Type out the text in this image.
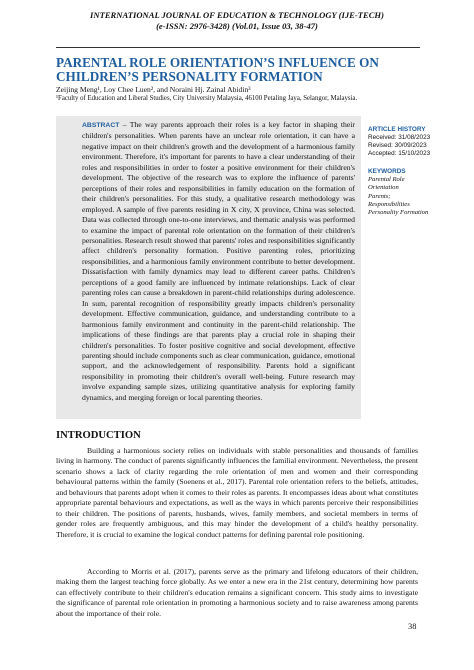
INTERNATIONAL JOURNAL OF EDUCATION & TECHNOLOGY (IJE-TECH)
(e-ISSN: 2976-3428) (Vol.01, Issue 03, 38-47)
PARENTAL ROLE ORIENTATION’S INFLUENCE ON CHILDREN’S PERSONALITY FORMATION
Zeijing Meng¹, Loy Chee Luen², and Noraini Hj. Zainal Abidin³
¹Faculty of Education and Liberal Studies, City University Malaysia, 46100 Petaling Jaya, Selangor, Malaysia.

ABSTRACT – The way parents approach their roles is a key factor in shaping their children's personalities. When parents have an unclear role orientation, it can have a negative impact on their children's growth and the development of a harmonious family environment. Therefore, it's important for parents to have a clear understanding of their roles and responsibilities in order to foster a positive environment for their children's development. The objective of the research was to explore the influence of parents' perceptions of their roles and responsibilities in family education on the formation of their children's personalities. For this study, a qualitative research methodology was employed. A sample of five parents residing in X city, X province, China was selected. Data was collected through one-to-one interviews, and thematic analysis was performed to examine the impact of parental role orientation on the formation of their children's personalities. Research result showed that parents' roles and responsibilities significantly affect children's personality formation. Positive parenting roles, prioritizing responsibilities, and a harmonious family environment contribute to better development. Dissatisfaction with family dynamics may lead to different career paths. Children's perceptions of a good family are influenced by intimate relationships. Lack of clear parenting roles can cause a breakdown in parent-child relationships during adolescence. In sum, parental recognition of responsibility greatly impacts children's personality development. Effective communication, guidance, and understanding contribute to a harmonious family environment and continuity in the parent-child relationship. The implications of these findings are that parents play a crucial role in shaping their children's personalities. To foster positive cognitive and social development, effective parenting should include components such as clear communication, guidance, emotional support, and the acknowledgement of responsibility. Parents hold a significant responsibility in promoting their children's overall well-being. Future research may involve expanding sample sizes, utilizing quantitative analysis for exploring family dynamics, and merging foreign or local parenting theories.

ARTICLE HISTORY
Received: 31/08/2023
Revised: 30/09/2023
Accepted: 15/10/2023
KEYWORDS
Parental Role
Orientation
Parents;
Responsibilities
Personality Formation
INTRODUCTION

Building a harmonious society relies on individuals with stable personalities and thousands of families living in harmony. The conduct of parents significantly influences the familial environment. Nevertheless, the present scenario shows a lack of clarity regarding the role orientation of men and women and their corresponding behavioural patterns within the family (Soenens et al., 2017). Parental role orientation refers to the beliefs, attitudes, and behaviours that parents adopt when it comes to their roles as parents. It encompasses ideas about what constitutes appropriate parental behaviours and expectations, as well as the ways in which parents perceive their responsibilities to their children. The positions of parents, husbands, wives, family members, and societal members in terms of gender roles are frequently ambiguous, and this may hinder the development of a child's healthy personality. Therefore, it is crucial to examine the logical conduct patterns for defining parental role positioning.

According to Morris et al. (2017), parents serve as the primary and lifelong educators of their children, making them the largest teaching force globally. As we enter a new era in the 21st century, determining how parents can effectively contribute to their children's education remains a significant concern. This study aims to investigate the significance of parental role orientation in promoting a harmonious society and to raise awareness among parents about the importance of their role.

38
